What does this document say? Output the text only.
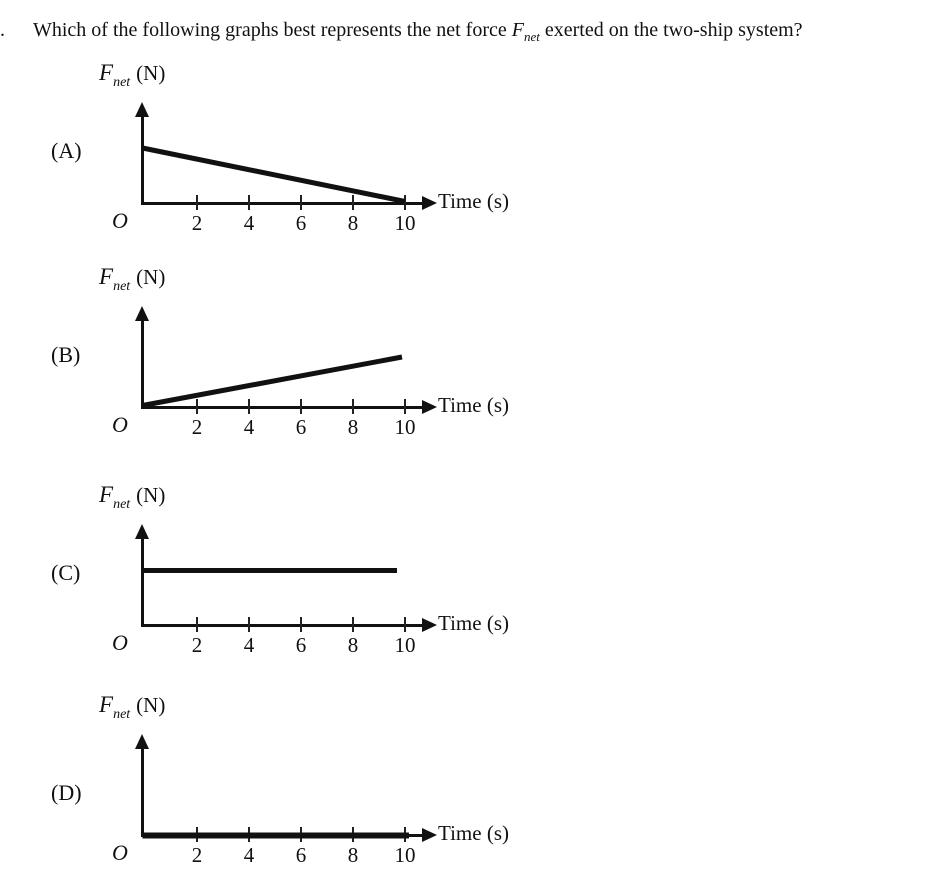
. Which of the following graphs best represents the net force $F_{net}$ exerted on the two-ship system?
(A)
Fnet (N)
2	4	6	8	10
O
Time (s)
(B)
Fnet (N)
2	4	6	8	10
O
Time (s)
(C)
Fnet (N)
2	4	6	8	10
O
Time (s)
(D)
Fnet (N)
2	4	6	8	10
O
Time (s)
